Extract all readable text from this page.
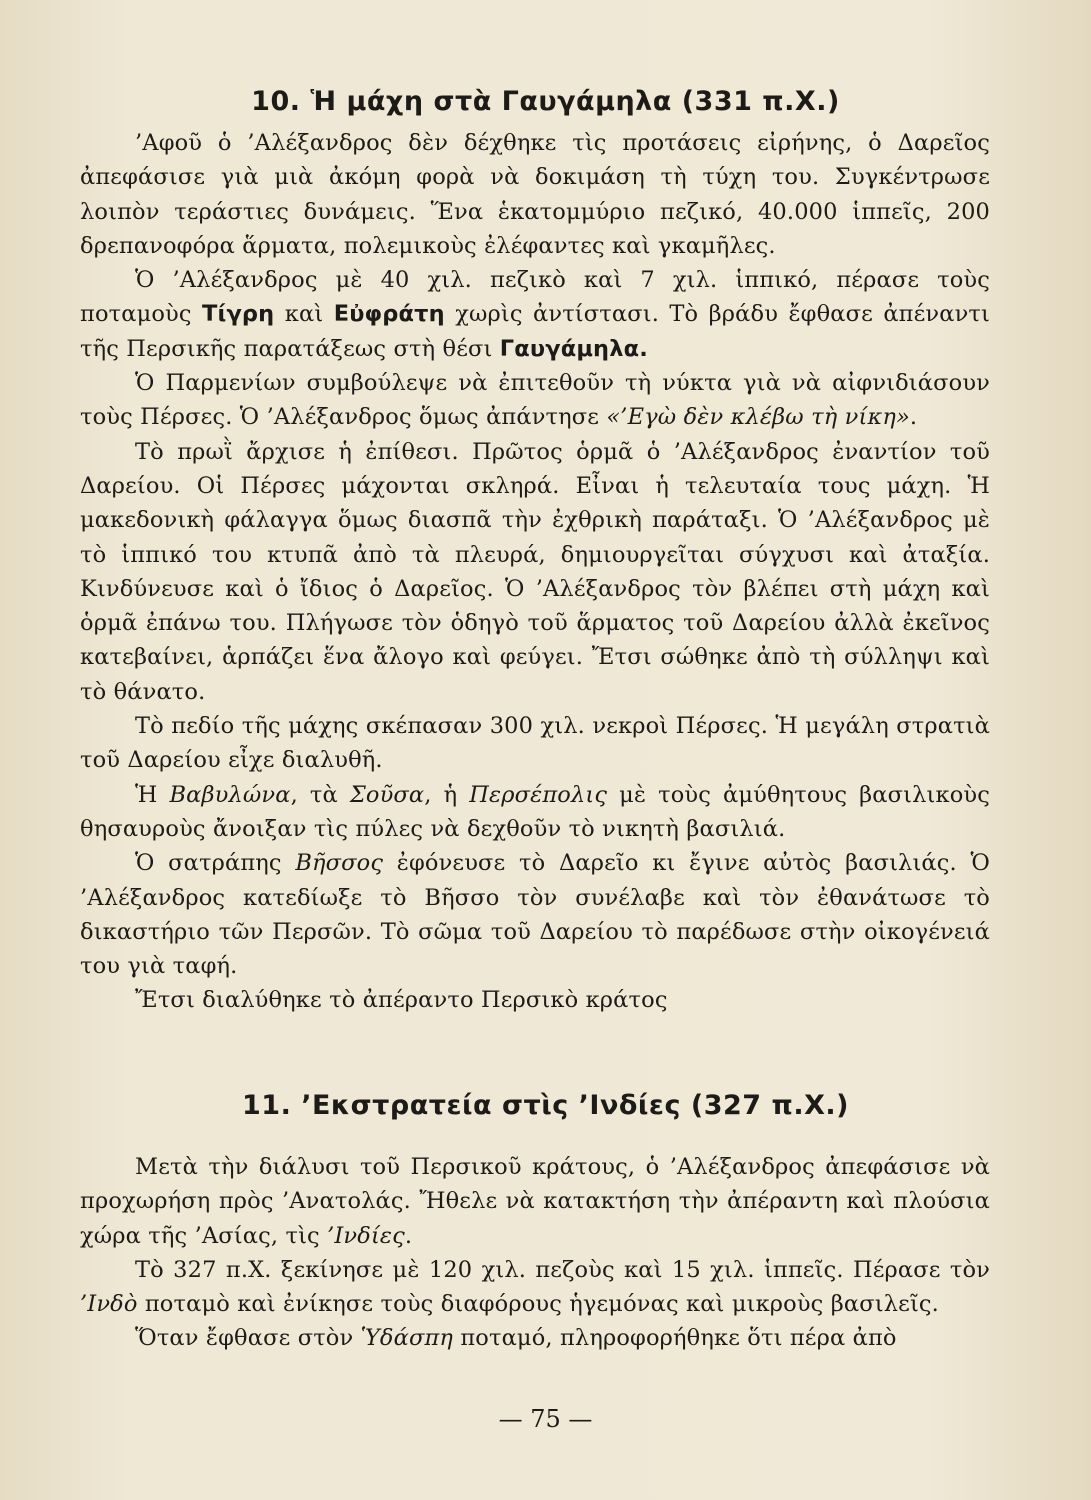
10. Ἡ μάχη στὰ Γαυγάμηλα (331 π.Χ.)

’Αφοῦ ὁ ’Αλέξανδρος δὲν δέχθηκε τὶς προτάσεις εἰρήνης, ὁ Δαρεῖος ἀπεφάσισε γιὰ μιὰ ἀκόμη φορὰ νὰ δοκιμάση τὴ τύχη του. Συγκέντρωσε λοιπὸν τεράστιες δυνάμεις. Ἕνα ἑκατομμύριο πεζικό, 40.000 ἱππεῖς, 200 δρεπανοφόρα ἅρματα, πολεμικοὺς ἐλέφαντες καὶ γκαμῆλες.

Ὁ ’Αλέξανδρος μὲ 40 χιλ. πεζικὸ καὶ 7 χιλ. ἱππικό, πέρασε τοὺς ποταμοὺς Τίγρη καὶ Εὐφράτη χωρὶς ἀντίστασι. Τὸ βράδυ ἔφθασε ἀπέναντι τῆς Περσικῆς παρατάξεως στὴ θέσι Γαυγάμηλα.

Ὁ Παρμενίων συμβούλεψε νὰ ἐπιτεθοῦν τὴ νύκτα γιὰ νὰ αἰφνιδιάσουν τοὺς Πέρσες. Ὁ ’Αλέξανδρος ὅμως ἀπάντησε «’Εγὼ δὲν κλέβω τὴ νίκη».

Τὸ πρωῒ ἄρχισε ἡ ἐπίθεσι. Πρῶτος ὁρμᾶ ὁ ’Αλέξανδρος ἐναντίον τοῦ Δαρείου. Οἱ Πέρσες μάχονται σκληρά. Εἶναι ἡ τελευταία τους μάχη. Ἡ μακεδονικὴ φάλαγγα ὅμως διασπᾶ τὴν ἐχθρικὴ παράταξι. Ὁ ’Αλέξανδρος μὲ τὸ ἱππικό του κτυπᾶ ἀπὸ τὰ πλευρά, δημιουργεῖται σύγχυσι καὶ ἀταξία. Κινδύνευσε καὶ ὁ ἴδιος ὁ Δαρεῖος. Ὁ ’Αλέξανδρος τὸν βλέπει στὴ μάχη καὶ ὁρμᾶ ἐπάνω του. Πλήγωσε τὸν ὁδηγὸ τοῦ ἅρματος τοῦ Δαρείου ἀλλὰ ἐκεῖνος κατεβαίνει, ἁρπάζει ἕνα ἄλογο καὶ φεύγει. Ἔτσι σώθηκε ἀπὸ τὴ σύλληψι καὶ τὸ θάνατο.

Τὸ πεδίο τῆς μάχης σκέπασαν 300 χιλ. νεκροὶ Πέρσες. Ἡ μεγάλη στρατιὰ τοῦ Δαρείου εἶχε διαλυθῆ.

Ἡ Βαβυλώνα, τὰ Σοῦσα, ἡ Περσέπολις μὲ τοὺς ἀμύθητους βασιλικοὺς θησαυροὺς ἄνοιξαν τὶς πύλες νὰ δεχθοῦν τὸ νικητὴ βασιλιά.

Ὁ σατράπης Βῆσσος ἐφόνευσε τὸ Δαρεῖο κι ἔγινε αὐτὸς βασιλιάς. Ὁ ’Αλέξανδρος κατεδίωξε τὸ Βῆσσο τὸν συνέλαβε καὶ τὸν ἐθανάτωσε τὸ δικαστήριο τῶν Περσῶν. Τὸ σῶμα τοῦ Δαρείου τὸ παρέδωσε στὴν οἰκογένειά του γιὰ ταφή.

Ἔτσι διαλύθηκε τὸ ἀπέραντο Περσικὸ κράτος

11. ’Εκστρατεία στὶς ’Ινδίες (327 π.Χ.)

Μετὰ τὴν διάλυσι τοῦ Περσικοῦ κράτους, ὁ ’Αλέξανδρος ἀπεφάσισε νὰ προχωρήση πρὸς ’Ανατολάς. Ἤθελε νὰ κατακτήση τὴν ἀπέραντη καὶ πλούσια χώρα τῆς ’Ασίας, τὶς ’Ινδίες.

Τὸ 327 π.Χ. ξεκίνησε μὲ 120 χιλ. πεζοὺς καὶ 15 χιλ. ἱππεῖς. Πέρασε τὸν ’Ινδὸ ποταμὸ καὶ ἐνίκησε τοὺς διαφόρους ἡγεμόνας καὶ μικροὺς βασιλεῖς.

Ὅταν ἔφθασε στὸν Ὑδάσπη ποταμό, πληροφορήθηκε ὅτι πέρα ἀπὸ

— 75 —
